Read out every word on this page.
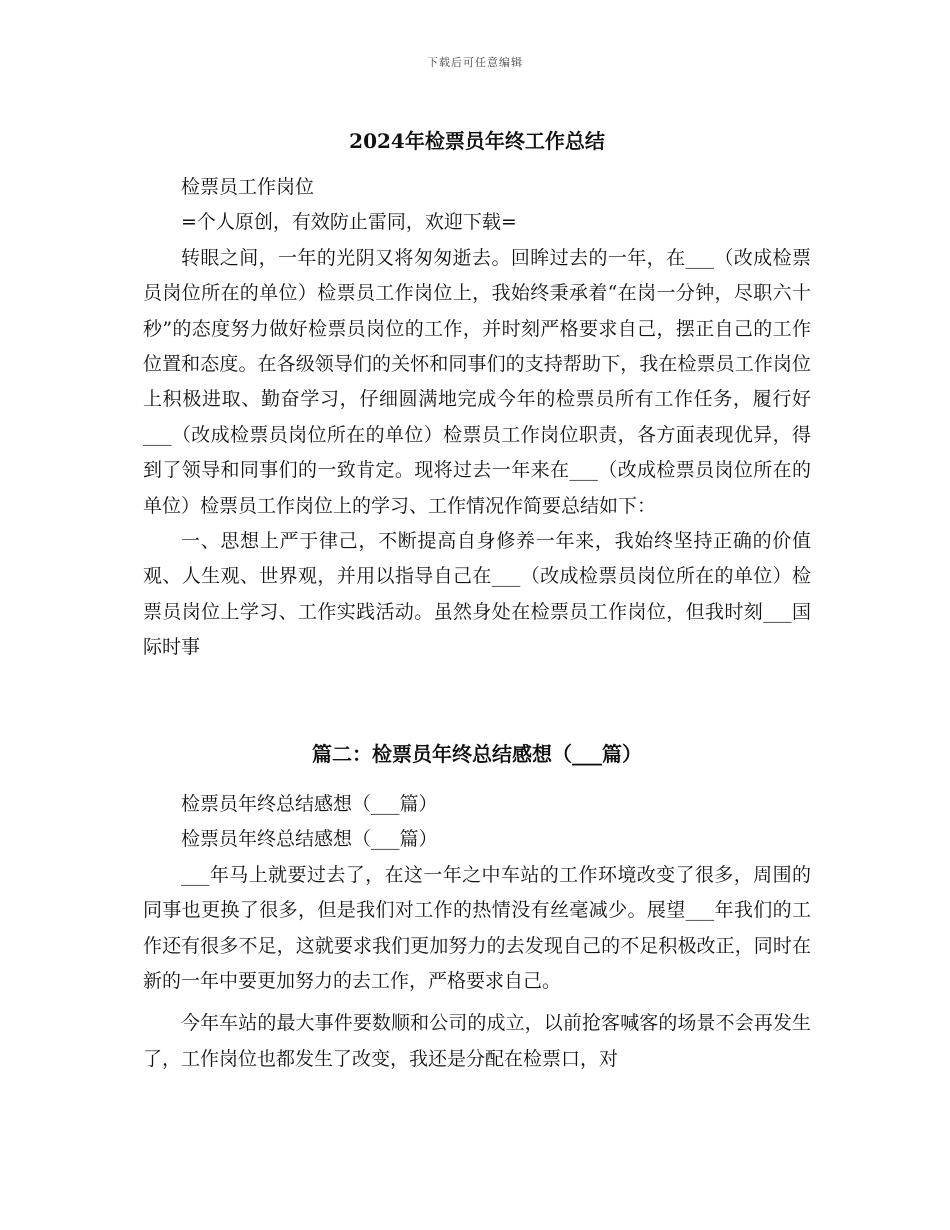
下载后可任意编辑
2024年检票员年终工作总结

检票员工作岗位

=个人原创，有效防止雷同，欢迎下载=

转眼之间，一年的光阴又将匆匆逝去。回眸过去的一年，在___（改成检票员岗位所在的单位）检票员工作岗位上，我始终秉承着“在岗一分钟，尽职六十秒”的态度努力做好检票员岗位的工作，并时刻严格要求自己，摆正自己的工作位置和态度。在各级领导们的关怀和同事们的支持帮助下，我在检票员工作岗位上积极进取、勤奋学习，仔细圆满地完成今年的检票员所有工作任务，履行好___（改成检票员岗位所在的单位）检票员工作岗位职责，各方面表现优异，得到了领导和同事们的一致肯定。现将过去一年来在___（改成检票员岗位所在的单位）检票员工作岗位上的学习、工作情况作简要总结如下：

一、思想上严于律己，不断提高自身修养一年来，我始终坚持正确的价值观、人生观、世界观，并用以指导自己在___（改成检票员岗位所在的单位）检票员岗位上学习、工作实践活动。虽然身处在检票员工作岗位，但我时刻___国际时事

篇二：检票员年终总结感想（___篇）

检票员年终总结感想（___篇）

检票员年终总结感想（___篇）

___年马上就要过去了，在这一年之中车站的工作环境改变了很多，周围的同事也更换了很多，但是我们对工作的热情没有丝毫减少。展望___年我们的工作还有很多不足，这就要求我们更加努力的去发现自己的不足积极改正，同时在新的一年中要更加努力的去工作，严格要求自己。

今年车站的最大事件要数顺和公司的成立，以前抢客喊客的场景不会再发生了，工作岗位也都发生了改变，我还是分配在检票口，对
